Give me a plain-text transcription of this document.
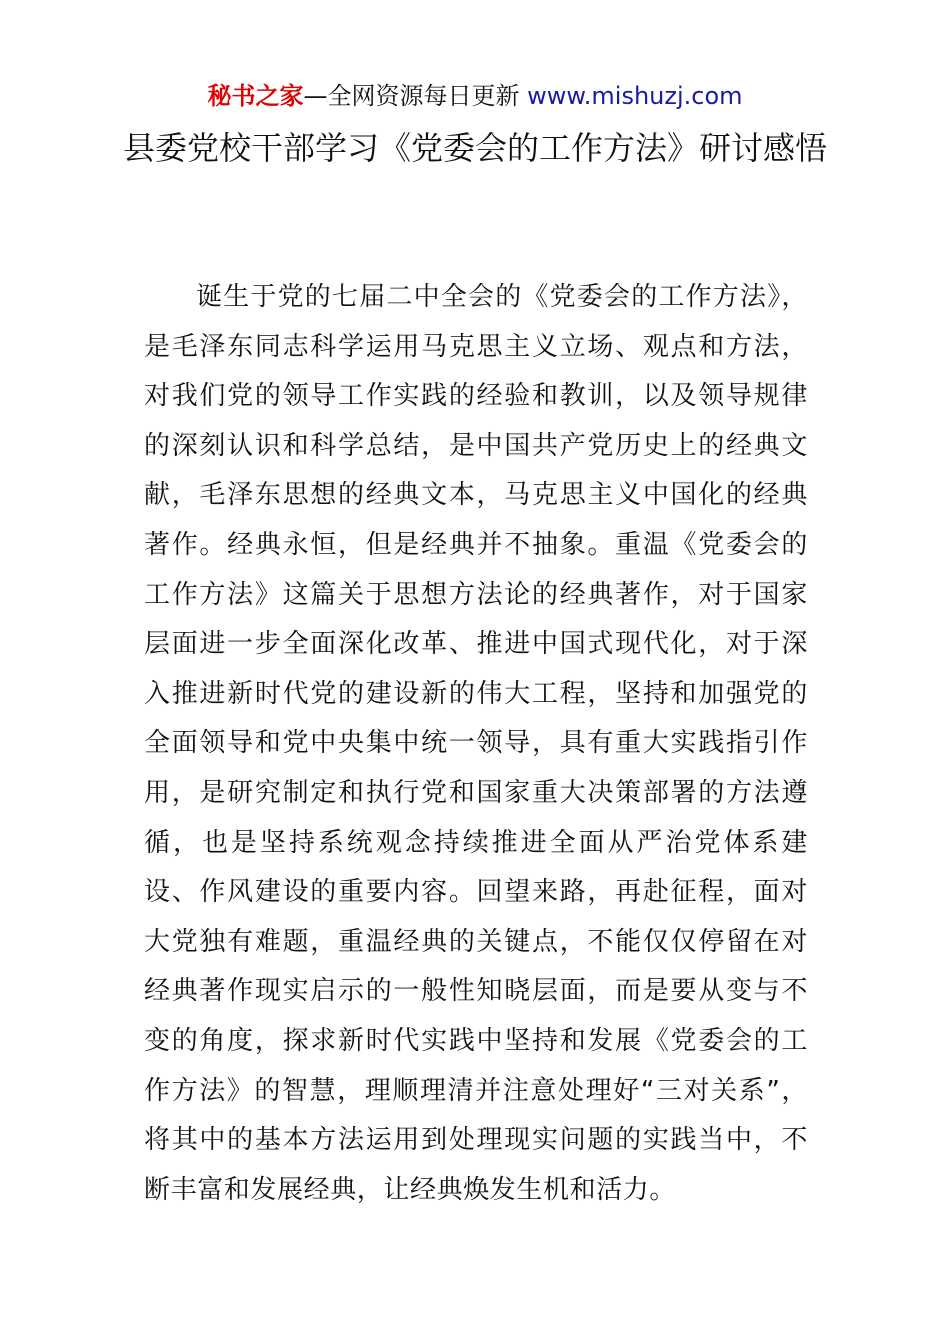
秘书之家—全网资源每日更新 www.mishuzj.com
县委党校干部学习《党委会的工作方法》研讨感悟

诞生于党的七届二中全会的《党委会的工作方法》，是毛泽东同志科学运用马克思主义立场、观点和方法，对我们党的领导工作实践的经验和教训，以及领导规律的深刻认识和科学总结，是中国共产党历史上的经典文献，毛泽东思想的经典文本，马克思主义中国化的经典著作。经典永恒，但是经典并不抽象。重温《党委会的工作方法》这篇关于思想方法论的经典著作，对于国家层面进一步全面深化改革、推进中国式现代化，对于深入推进新时代党的建设新的伟大工程，坚持和加强党的全面领导和党中央集中统一领导，具有重大实践指引作用，是研究制定和执行党和国家重大决策部署的方法遵循，也是坚持系统观念持续推进全面从严治党体系建设、作风建设的重要内容。回望来路，再赴征程，面对大党独有难题，重温经典的关键点，不能仅仅停留在对经典著作现实启示的一般性知晓层面，而是要从变与不变的角度，探求新时代实践中坚持和发展《党委会的工作方法》的智慧，理顺理清并注意处理好“三对关系”，将其中的基本方法运用到处理现实问题的实践当中，不断丰富和发展经典，让经典焕发生机和活力。
